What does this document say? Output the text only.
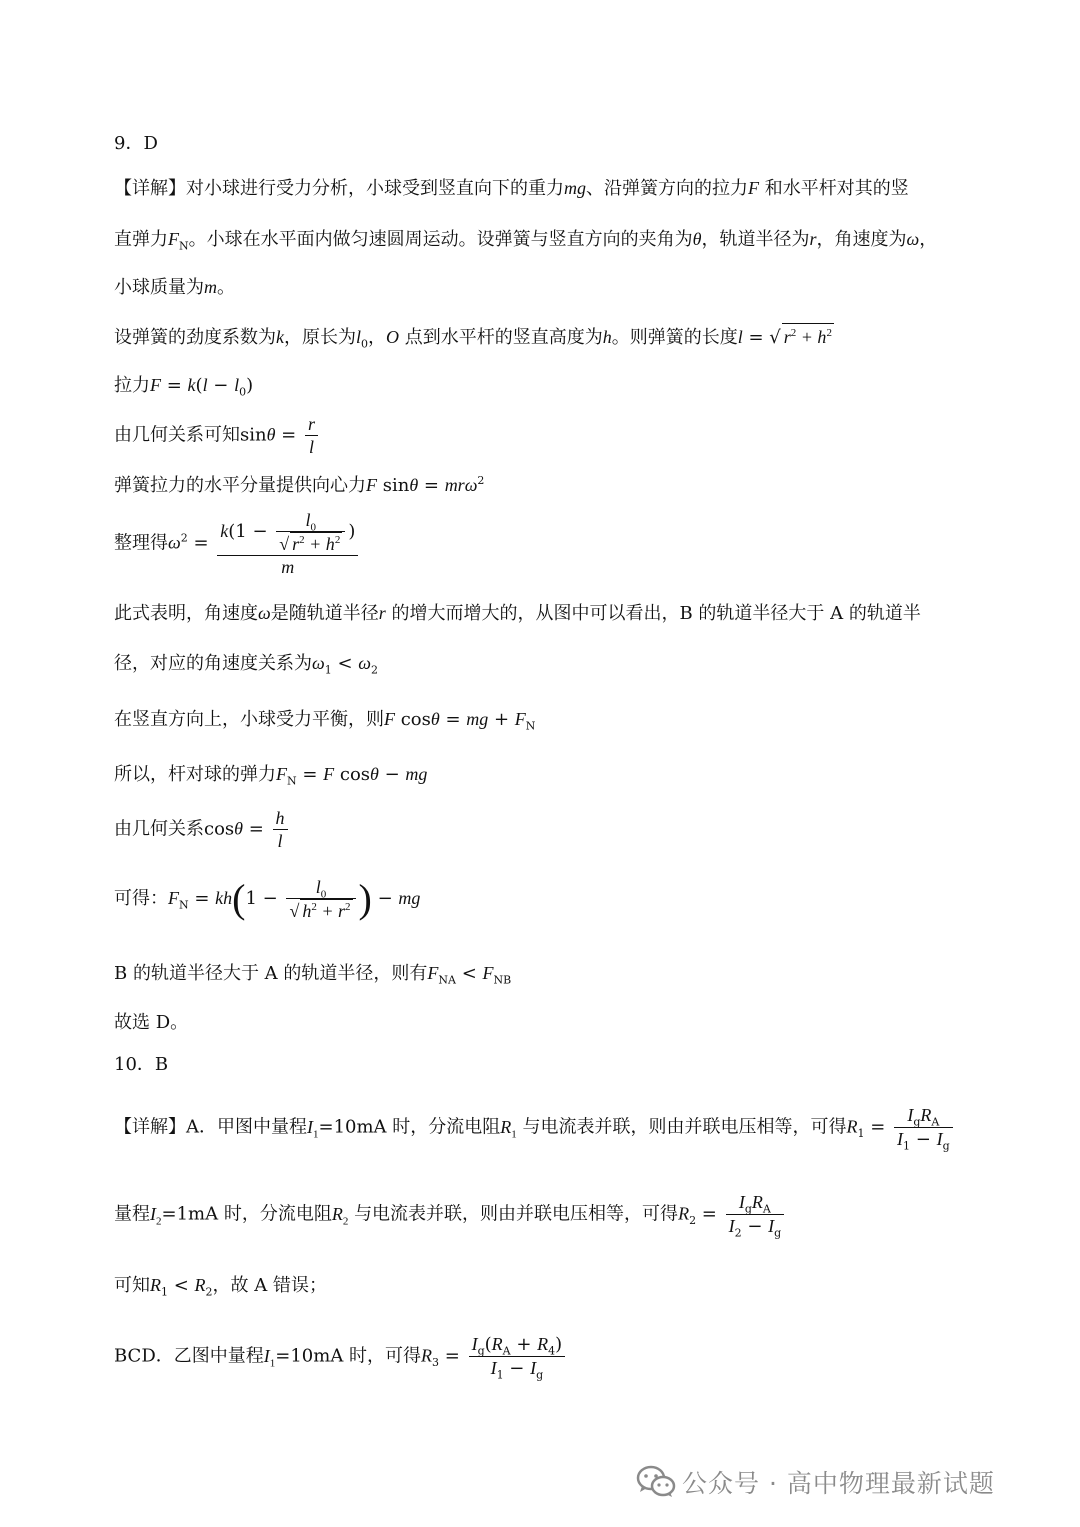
9．D
【详解】对小球进行受力分析，小球受到竖直向下的重力mg、沿弹簧方向的拉力F 和水平杆对其的竖
直弹力$F_N$。小球在水平面内做匀速圆周运动。设弹簧与竖直方向的夹角为θ，轨道半径为r，角速度为ω，
小球质量为m。
设弹簧的劲度系数为k，原长为$l_0$，O 点到水平杆的竖直高度为h。则弹簧的长度l = √ $r^2 + h^2$
拉力$F = k(l - l_0)$
由几何关系可知$\sin\theta = \frac{r}{l}$
弹簧拉力的水平分量提供向心力F sinθ = mrω$^2$
整理得$\omega^2 = \frac{k(1 - \frac{l_0}{√ r^2 + h^2} )}{m}$
此式表明，角速度ω是随轨道半径r 的增大而增大的，从图中可以看出，B 的轨道半径大于 A 的轨道半
径，对应的角速度关系为$\omega_1 < \omega_2$
在竖直方向上，小球受力平衡，则F cosθ = mg + $F_N$
所以，杆对球的弹力$F_N = F$ cosθ − mg
由几何关系$\cos\theta = \frac{h}{l}$
可得：$F_N = kh(1 - \frac{l_0}{√ h^2 + r^2}$ ) − mg
B 的轨道半径大于 A 的轨道半径，则有$F_{NA} < F_{NB}$
故选 D。
10．B
【详解】A．甲图中量程$I_1=10mA$ 时，分流电阻$R_1$ 与电流表并联，则由并联电压相等，可得$R_1 = \frac{I_gR_A}{I_1 - I_g}$
量程$I_2=1mA$ 时，分流电阻$R_2$ 与电流表并联，则由并联电压相等，可得$R_2 = \frac{I_gR_A}{I_2 - I_g}$
可知$R_1 < R_2$，故 A 错误；
BCD．乙图中量程$I_1=10mA$ 时，可得$R_3 = \frac{I_g(R_A + R_4)}{I_1 - I_g}$
公众号 · 高中物理最新试题
